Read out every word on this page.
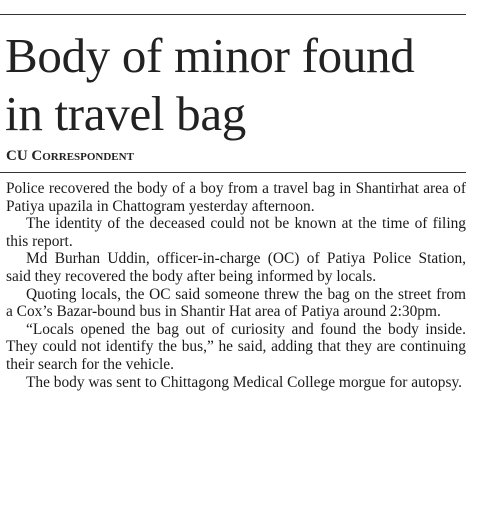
Body of minor found
in travel bag
CU Correspondent

Police recovered the body of a boy from a travel bag in Shantirhat area of Patiya upazila in Chattogram yesterday afternoon.

The identity of the deceased could not be known at the time of filing this report.

Md Burhan Uddin, officer-in-charge (OC) of Patiya Police Station, said they recovered the body after being informed by locals.

Quoting locals, the OC said someone threw the bag on the street from a Cox’s Bazar-bound bus in Shantir Hat area of Patiya around 2:30pm.

“Locals opened the bag out of curiosity and found the body inside. They could not identify the bus,” he said, adding that they are continuing their search for the vehicle.

The body was sent to Chittagong Medical College morgue for autopsy.
